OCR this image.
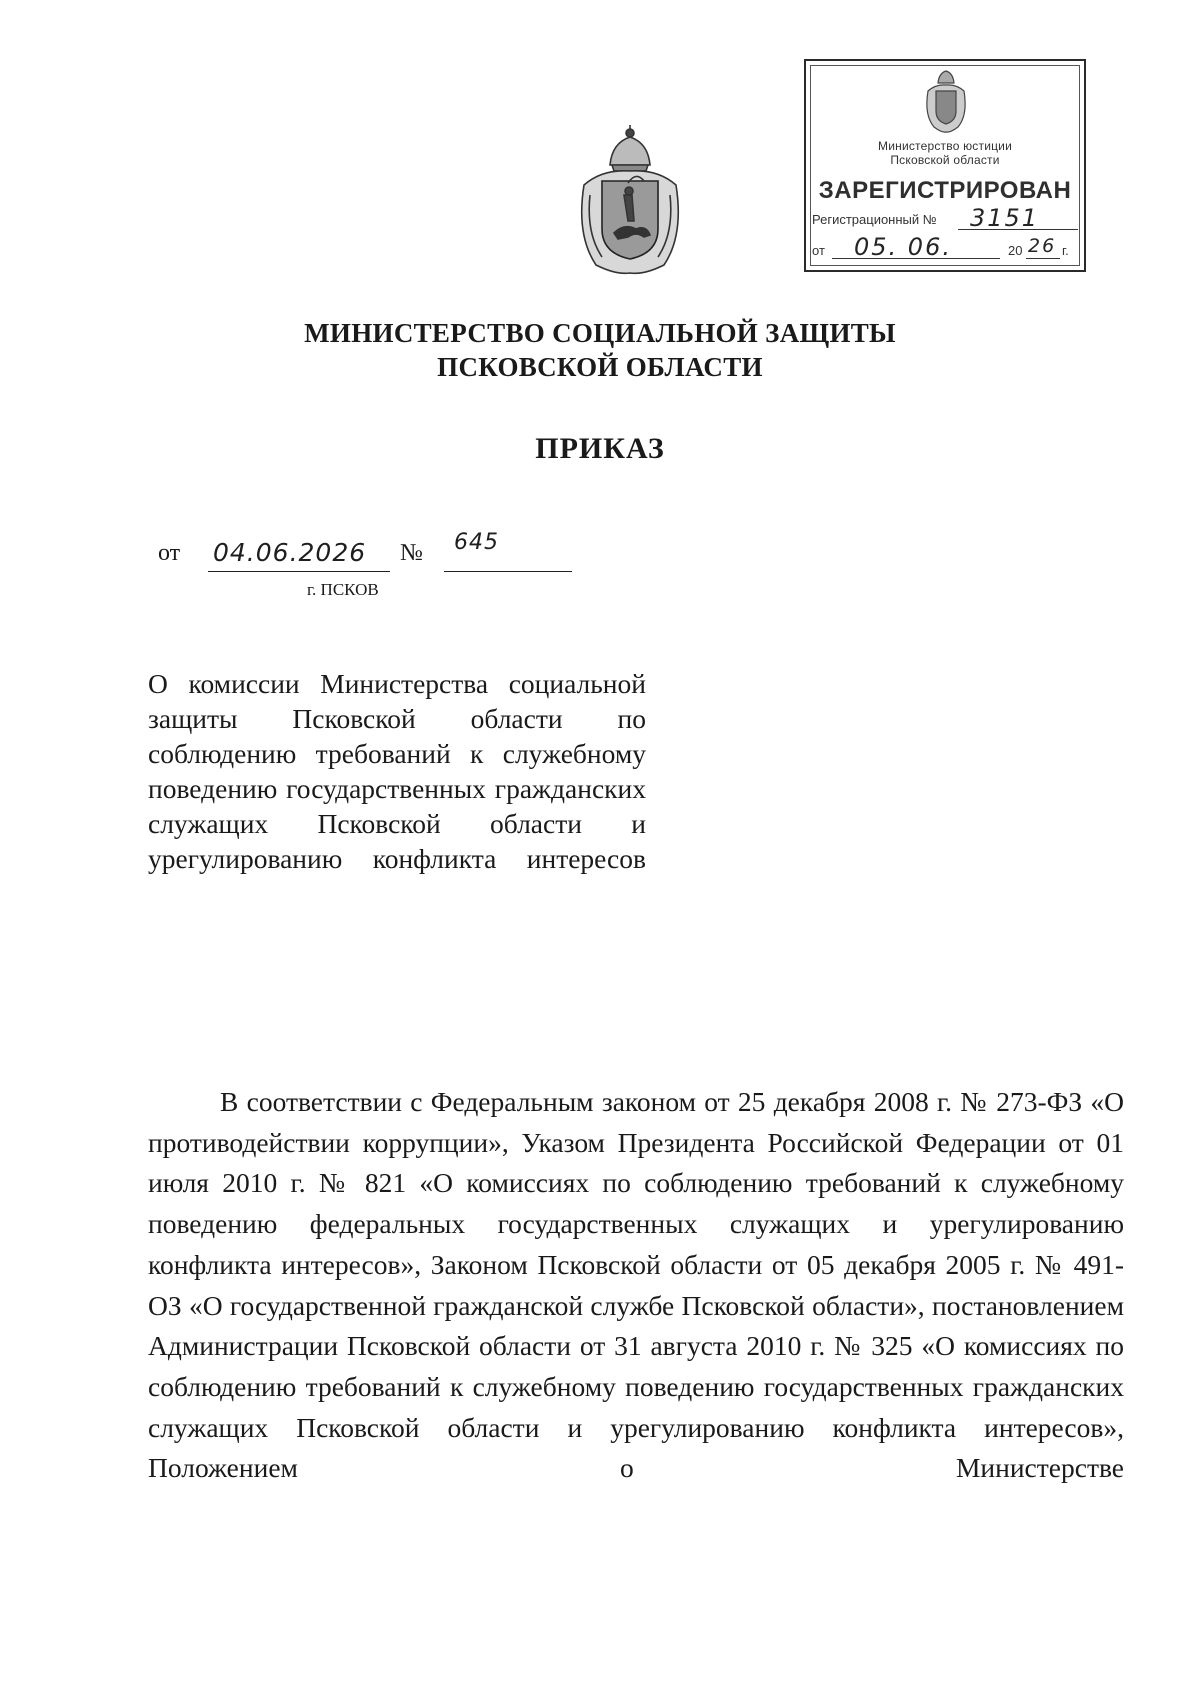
Министерство юстиции
Псковской области
ЗАРЕГИСТРИРОВАН
Регистрационный № 3151
от 05. 06.	20 26 г.
МИНИСТЕРСТВО СОЦИАЛЬНОЙ ЗАЩИТЫ
ПСКОВСКОЙ ОБЛАСТИ
ПРИКАЗ
от 04.06.2026 № 645
г. ПСКОВ
О комиссии Министерства социальной защиты Псковской области по соблюдению требований к служебному поведению государственных гражданских служащих Псковской области и урегулированию конфликта интересов
В соответствии с Федеральным законом от 25 декабря 2008 г. № 273-ФЗ «О противодействии коррупции», Указом Президента Российской Федерации от 01 июля 2010 г. № 821 «О комиссиях по соблюдению требований к служебному поведению федеральных государственных служащих и урегулированию конфликта интересов», Законом Псковской области от 05 декабря 2005 г. № 491-ОЗ «О государственной гражданской службе Псковской области», постановлением Администрации Псковской области от 31 августа 2010 г. № 325 «О комиссиях по соблюдению требований к служебному поведению государственных гражданских служащих Псковской области и урегулированию конфликта интересов», Положением о Министерстве
